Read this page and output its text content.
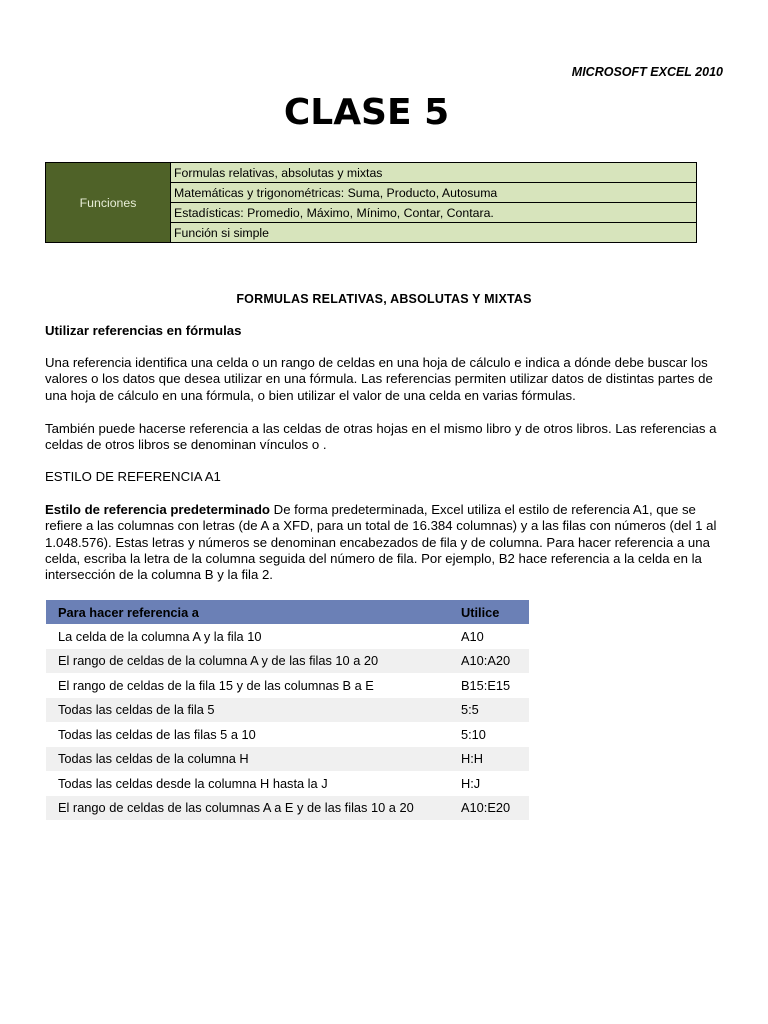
MICROSOFT EXCEL 2010
CLASE 5
Funciones	Formulas relativas, absolutas y mixtas
Matemáticas y trigonométricas: Suma, Producto, Autosuma
Estadísticas: Promedio, Máximo, Mínimo, Contar, Contara.
Función si simple
FORMULAS RELATIVAS, ABSOLUTAS Y MIXTAS
Utilizar referencias en fórmulas
Una referencia identifica una celda o un rango de celdas en una hoja de cálculo e indica a dónde debe buscar los valores o los datos que desea utilizar en una fórmula. Las referencias permiten utilizar datos de distintas partes de una hoja de cálculo en una fórmula, o bien utilizar el valor de una celda en varias fórmulas.
También puede hacerse referencia a las celdas de otras hojas en el mismo libro y de otros libros. Las referencias a celdas de otros libros se denominan vínculos o .
ESTILO DE REFERENCIA A1
Estilo de referencia predeterminado De forma predeterminada, Excel utiliza el estilo de referencia A1, que se refiere a las columnas con letras (de A a XFD, para un total de 16.384 columnas) y a las filas con números (del 1 al 1.048.576). Estas letras y números se denominan encabezados de fila y de columna. Para hacer referencia a una celda, escriba la letra de la columna seguida del número de fila. Por ejemplo, B2 hace referencia a la celda en la intersección de la columna B y la fila 2.
Para hacer referencia a	Utilice
La celda de la columna A y la fila 10	A10
El rango de celdas de la columna A y de las filas 10 a 20	A10:A20
El rango de celdas de la fila 15 y de las columnas B a E	B15:E15
Todas las celdas de la fila 5	5:5
Todas las celdas de las filas 5 a 10	5:10
Todas las celdas de la columna H	H:H
Todas las celdas desde la columna H hasta la J	H:J
El rango de celdas de las columnas A a E y de las filas 10 a 20	A10:E20
